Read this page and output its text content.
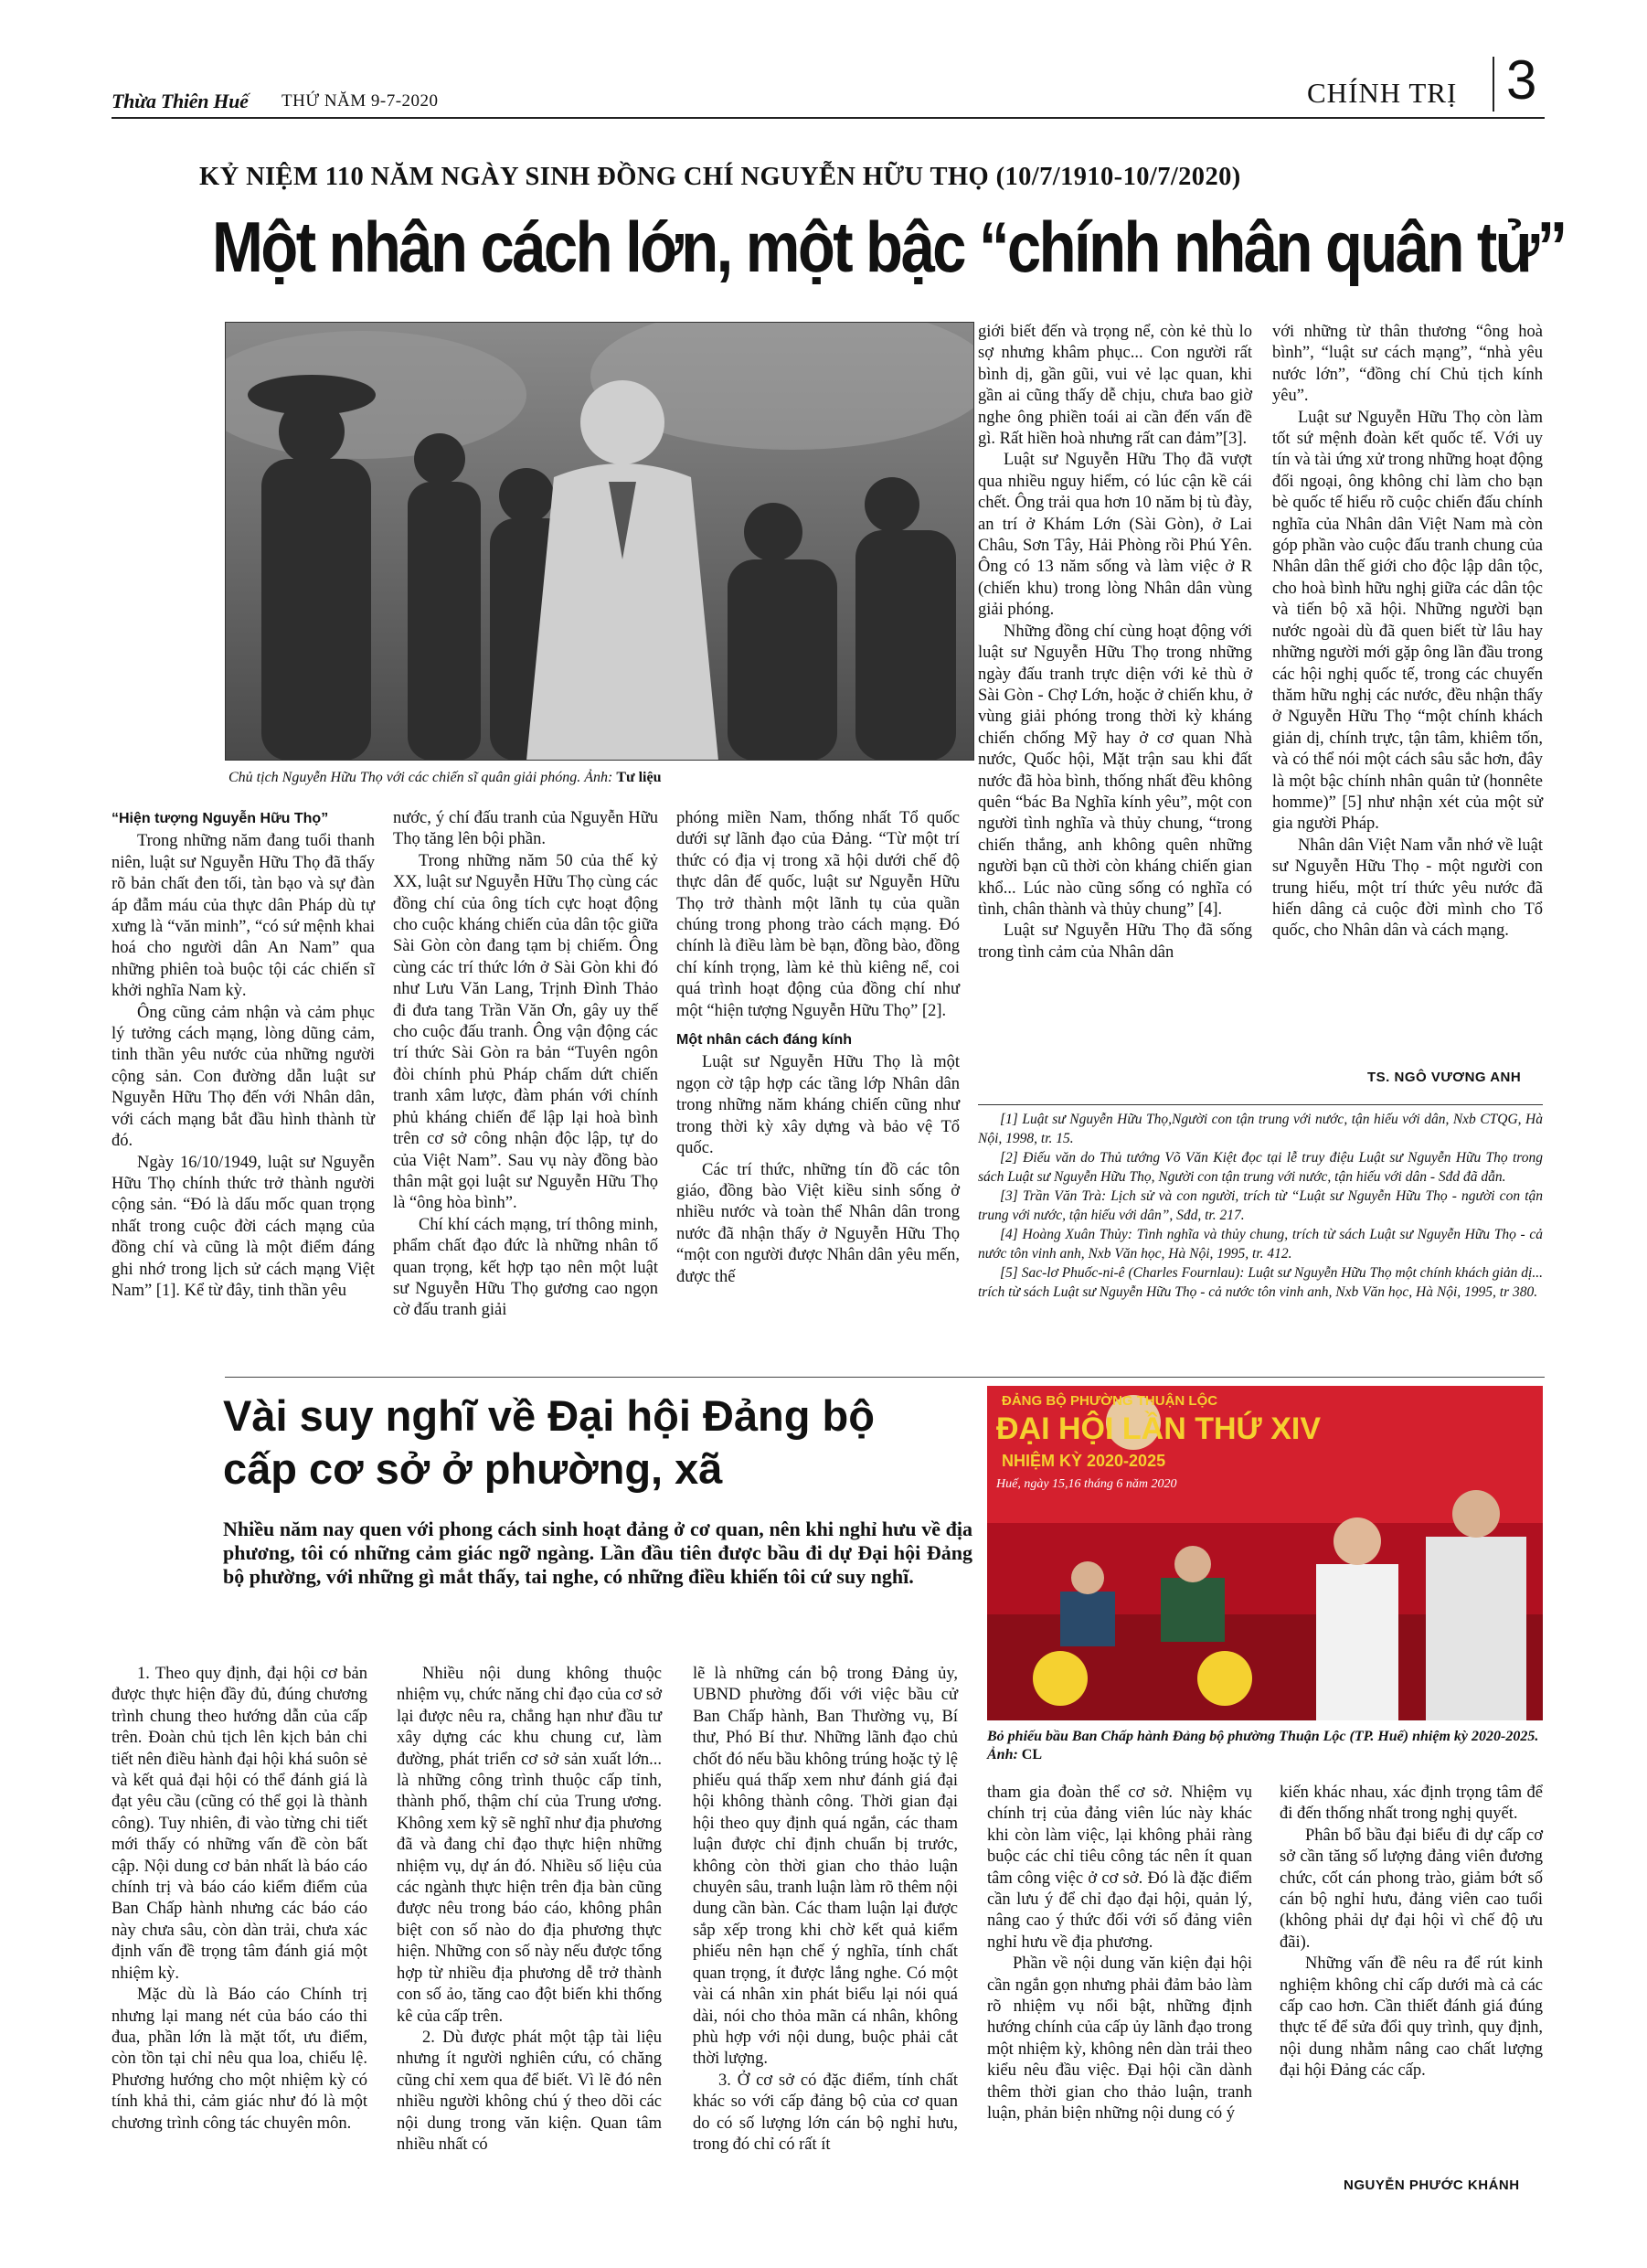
Thừa Thiên Huế THỨ NĂM 9-7-2020	CHÍNH TRỊ 3
KỶ NIỆM 110 NĂM NGÀY SINH ĐỒNG CHÍ NGUYỄN HỮU THỌ (10/7/1910-10/7/2020)
Một nhân cách lớn, một bậc “chính nhân quân tử”
Chủ tịch Nguyễn Hữu Thọ với các chiến sĩ quân giải phóng. Ảnh: Tư liệu
“Hiện tượng Nguyễn Hữu Thọ”

Trong những năm đang tuổi thanh niên, luật sư Nguyễn Hữu Thọ đã thấy rõ bản chất đen tối, tàn bạo và sự đàn áp đẫm máu của thực dân Pháp dù tự xưng là “văn minh”, “có sứ mệnh khai hoá cho người dân An Nam” qua những phiên toà buộc tội các chiến sĩ khởi nghĩa Nam kỳ.

Ông cũng cảm nhận và cảm phục lý tưởng cách mạng, lòng dũng cảm, tinh thần yêu nước của những người cộng sản. Con đường dẫn luật sư Nguyễn Hữu Thọ đến với Nhân dân, với cách mạng bắt đầu hình thành từ đó.

Ngày 16/10/1949, luật sư Nguyễn Hữu Thọ chính thức trở thành người cộng sản. “Đó là dấu mốc quan trọng nhất trong cuộc đời cách mạng của đồng chí và cũng là một điểm đáng ghi nhớ trong lịch sử cách mạng Việt Nam” [1]. Kể từ đây, tinh thần yêu

nước, ý chí đấu tranh của Nguyễn Hữu Thọ tăng lên bội phần.

Trong những năm 50 của thế kỷ XX, luật sư Nguyễn Hữu Thọ cùng các đồng chí của ông tích cực hoạt động cho cuộc kháng chiến của dân tộc giữa Sài Gòn còn đang tạm bị chiếm. Ông cùng các trí thức lớn ở Sài Gòn khi đó như Lưu Văn Lang, Trịnh Đình Thảo đi đưa tang Trần Văn Ơn, gây uy thế cho cuộc đấu tranh. Ông vận động các trí thức Sài Gòn ra bản “Tuyên ngôn đòi chính phủ Pháp chấm dứt chiến tranh xâm lược, đàm phán với chính phủ kháng chiến để lập lại hoà bình trên cơ sở công nhận độc lập, tự do của Việt Nam”. Sau vụ này đồng bào thân mật gọi luật sư Nguyễn Hữu Thọ là “ông hòa bình”.

Chí khí cách mạng, trí thông minh, phẩm chất đạo đức là những nhân tố quan trọng, kết hợp tạo nên một luật sư Nguyễn Hữu Thọ gương cao ngọn cờ đấu tranh giải

phóng miền Nam, thống nhất Tổ quốc dưới sự lãnh đạo của Đảng. “Từ một trí thức có địa vị trong xã hội dưới chế độ thực dân đế quốc, luật sư Nguyễn Hữu Thọ trở thành một lãnh tụ của quần chúng trong phong trào cách mạng. Đó chính là điều làm bè bạn, đồng bào, đồng chí kính trọng, làm kẻ thù kiêng nể, coi quá trình hoạt động của đồng chí như một “hiện tượng Nguyễn Hữu Thọ” [2].

Một nhân cách đáng kính

Luật sư Nguyễn Hữu Thọ là một ngọn cờ tập hợp các tầng lớp Nhân dân trong những năm kháng chiến cũng như trong thời kỳ xây dựng và bảo vệ Tổ quốc.

Các trí thức, những tín đồ các tôn giáo, đồng bào Việt kiều sinh sống ở nhiều nước và toàn thể Nhân dân trong nước đã nhận thấy ở Nguyễn Hữu Thọ “một con người được Nhân dân yêu mến, được thế

giới biết đến và trọng nể, còn kẻ thù lo sợ nhưng khâm phục... Con người rất bình dị, gần gũi, vui vẻ lạc quan, khi gần ai cũng thấy dễ chịu, chưa bao giờ nghe ông phiền toái ai cần đến vấn đề gì. Rất hiền hoà nhưng rất can đảm”[3].

Luật sư Nguyễn Hữu Thọ đã vượt qua nhiều nguy hiểm, có lúc cận kề cái chết. Ông trải qua hơn 10 năm bị tù đày, an trí ở Khám Lớn (Sài Gòn), ở Lai Châu, Sơn Tây, Hải Phòng rồi Phú Yên. Ông có 13 năm sống và làm việc ở R (chiến khu) trong lòng Nhân dân vùng giải phóng.

Những đồng chí cùng hoạt động với luật sư Nguyễn Hữu Thọ trong những ngày đấu tranh trực diện với kẻ thù ở Sài Gòn - Chợ Lớn, hoặc ở chiến khu, ở vùng giải phóng trong thời kỳ kháng chiến chống Mỹ hay ở cơ quan Nhà nước, Quốc hội, Mặt trận sau khi đất nước đã hòa bình, thống nhất đều không quên “bác Ba Nghĩa kính yêu”, một con người tình nghĩa và thủy chung, “trong chiến thắng, anh không quên những người bạn cũ thời còn kháng chiến gian khổ... Lúc nào cũng sống có nghĩa có tình, chân thành và thủy chung” [4].

Luật sư Nguyễn Hữu Thọ đã sống trong tình cảm của Nhân dân

với những từ thân thương “ông hoà bình”, “luật sư cách mạng”, “nhà yêu nước lớn”, “đồng chí Chủ tịch kính yêu”.

Luật sư Nguyễn Hữu Thọ còn làm tốt sứ mệnh đoàn kết quốc tế. Với uy tín và tài ứng xử trong những hoạt động đối ngoại, ông không chỉ làm cho bạn bè quốc tế hiểu rõ cuộc chiến đấu chính nghĩa của Nhân dân Việt Nam mà còn góp phần vào cuộc đấu tranh chung của Nhân dân thế giới cho độc lập dân tộc, cho hoà bình hữu nghị giữa các dân tộc và tiến bộ xã hội. Những người bạn nước ngoài dù đã quen biết từ lâu hay những người mới gặp ông lần đầu trong các hội nghị quốc tế, trong các chuyến thăm hữu nghị các nước, đều nhận thấy ở Nguyễn Hữu Thọ “một chính khách giản dị, chính trực, tận tâm, khiêm tốn, và có thể nói một cách sâu sắc hơn, đây là một bậc chính nhân quân tử (honnête homme)” [5] như nhận xét của một sử gia người Pháp.

Nhân dân Việt Nam vẫn nhớ về luật sư Nguyễn Hữu Thọ - một người con trung hiếu, một trí thức yêu nước đã hiến dâng cả cuộc đời mình cho Tổ quốc, cho Nhân dân và cách mạng.

TS. NGÔ VƯƠNG ANH

[1] Luật sư Nguyễn Hữu Thọ,Người con tận trung với nước, tận hiếu với dân, Nxb CTQG, Hà Nội, 1998, tr. 15.

[2] Điếu văn do Thủ tướng Võ Văn Kiệt đọc tại lễ truy điệu Luật sư Nguyễn Hữu Thọ trong sách Luật sư Nguyễn Hữu Thọ, Người con tận trung với nước, tận hiếu với dân - Sđd đã dẫn.

[3] Trần Văn Trà: Lịch sử và con người, trích từ “Luật sư Nguyễn Hữu Thọ - người con tận trung với nước, tận hiếu với dân”, Sđd, tr. 217.

[4] Hoàng Xuân Thủy: Tình nghĩa và thủy chung, trích từ sách Luật sư Nguyễn Hữu Thọ - cả nước tôn vinh anh, Nxb Văn học, Hà Nội, 1995, tr. 412.

[5] Sac-lơ Phuốc-ni-ê (Charles Fournlau): Luật sư Nguyễn Hữu Thọ một chính khách giản dị... trích từ sách Luật sư Nguyễn Hữu Thọ - cả nước tôn vinh anh, Nxb Văn học, Hà Nội, 1995, tr 380.

Vài suy nghĩ về Đại hội Đảng bộ
cấp cơ sở ở phường, xã
Nhiều năm nay quen với phong cách sinh hoạt đảng ở cơ quan, nên khi nghỉ hưu về địa phương, tôi có những cảm giác ngỡ ngàng. Lần đầu tiên được bầu đi dự Đại hội Đảng bộ phường, với những gì mắt thấy, tai nghe, có những điều khiến tôi cứ suy nghĩ.
ĐẢNG BỘ PHƯỜNG THUẬN LỘC
ĐẠI HỘI LẦN THỨ XIV
NHIỆM KỲ 2020-2025
Huế, ngày 15,16 tháng 6 năm 2020
Bỏ phiếu bầu Ban Chấp hành Đảng bộ phường Thuận Lộc (TP. Huế) nhiệm kỳ 2020-2025. Ảnh: CL

1. Theo quy định, đại hội cơ bản được thực hiện đầy đủ, đúng chương trình chung theo hướng dẫn của cấp trên. Đoàn chủ tịch lên kịch bản chi tiết nên điều hành đại hội khá suôn sẻ và kết quả đại hội có thể đánh giá là đạt yêu cầu (cũng có thể gọi là thành công). Tuy nhiên, đi vào từng chi tiết mới thấy có những vấn đề còn bất cập. Nội dung cơ bản nhất là báo cáo chính trị và báo cáo kiểm điểm của Ban Chấp hành nhưng các báo cáo này chưa sâu, còn dàn trải, chưa xác định vấn đề trọng tâm đánh giá một nhiệm kỳ.

Mặc dù là Báo cáo Chính trị nhưng lại mang nét của báo cáo thi đua, phần lớn là mặt tốt, ưu điểm, còn tồn tại chỉ nêu qua loa, chiếu lệ. Phương hướng cho một nhiệm kỳ có tính khả thi, cảm giác như đó là một chương trình công tác chuyên môn.

Nhiều nội dung không thuộc nhiệm vụ, chức năng chỉ đạo của cơ sở lại được nêu ra, chẳng hạn như đầu tư xây dựng các khu chung cư, làm đường, phát triển cơ sở sản xuất lớn... là những công trình thuộc cấp tỉnh, thành phố, thậm chí của Trung ương. Không xem kỹ sẽ nghĩ như địa phương đã và đang chỉ đạo thực hiện những nhiệm vụ, dự án đó. Nhiều số liệu của các ngành thực hiện trên địa bàn cũng được nêu trong báo cáo, không phân biệt con số nào do địa phương thực hiện. Những con số này nếu được tổng hợp từ nhiều địa phương dễ trở thành con số ảo, tăng cao đột biến khi thống kê của cấp trên.

2. Dù được phát một tập tài liệu nhưng ít người nghiên cứu, có chăng cũng chỉ xem qua để biết. Vì lẽ đó nên nhiều người không chú ý theo dõi các nội dung trong văn kiện. Quan tâm nhiều nhất có

lẽ là những cán bộ trong Đảng ủy, UBND phường đối với việc bầu cử Ban Chấp hành, Ban Thường vụ, Bí thư, Phó Bí thư. Những lãnh đạo chủ chốt đó nếu bầu không trúng hoặc tỷ lệ phiếu quá thấp xem như đánh giá đại hội không thành công. Thời gian đại hội theo quy định quá ngắn, các tham luận được chỉ định chuẩn bị trước, không còn thời gian cho thảo luận chuyên sâu, tranh luận làm rõ thêm nội dung cần bàn. Các tham luận lại được sắp xếp trong khi chờ kết quả kiểm phiếu nên hạn chế ý nghĩa, tính chất quan trọng, ít được lắng nghe. Có một vài cá nhân xin phát biểu lại nói quá dài, nói cho thỏa mãn cá nhân, không phù hợp với nội dung, buộc phải cắt thời lượng.

3. Ở cơ sở có đặc điểm, tính chất khác so với cấp đảng bộ của cơ quan do có số lượng lớn cán bộ nghỉ hưu, trong đó chỉ có rất ít

tham gia đoàn thể cơ sở. Nhiệm vụ chính trị của đảng viên lúc này khác khi còn làm việc, lại không phải ràng buộc các chỉ tiêu công tác nên ít quan tâm công việc ở cơ sở. Đó là đặc điểm cần lưu ý để chỉ đạo đại hội, quản lý, nâng cao ý thức đối với số đảng viên nghỉ hưu về địa phương.

Phần về nội dung văn kiện đại hội cần ngắn gọn nhưng phải đảm bảo làm rõ nhiệm vụ nổi bật, những định hướng chính của cấp ủy lãnh đạo trong một nhiệm kỳ, không nên dàn trải theo kiểu nêu đầu việc. Đại hội cần dành thêm thời gian cho thảo luận, tranh luận, phản biện những nội dung có ý

kiến khác nhau, xác định trọng tâm để đi đến thống nhất trong nghị quyết.

Phân bổ bầu đại biểu đi dự cấp cơ sở cần tăng số lượng đảng viên đương chức, cốt cán phong trào, giảm bớt số cán bộ nghỉ hưu, đảng viên cao tuổi (không phải dự đại hội vì chế độ ưu đãi).

Những vấn đề nêu ra để rút kinh nghiệm không chỉ cấp dưới mà cả các cấp cao hơn. Cần thiết đánh giá đúng thực tế để sửa đổi quy trình, quy định, nội dung nhằm nâng cao chất lượng đại hội Đảng các cấp.

NGUYỄN PHƯỚC KHÁNH
